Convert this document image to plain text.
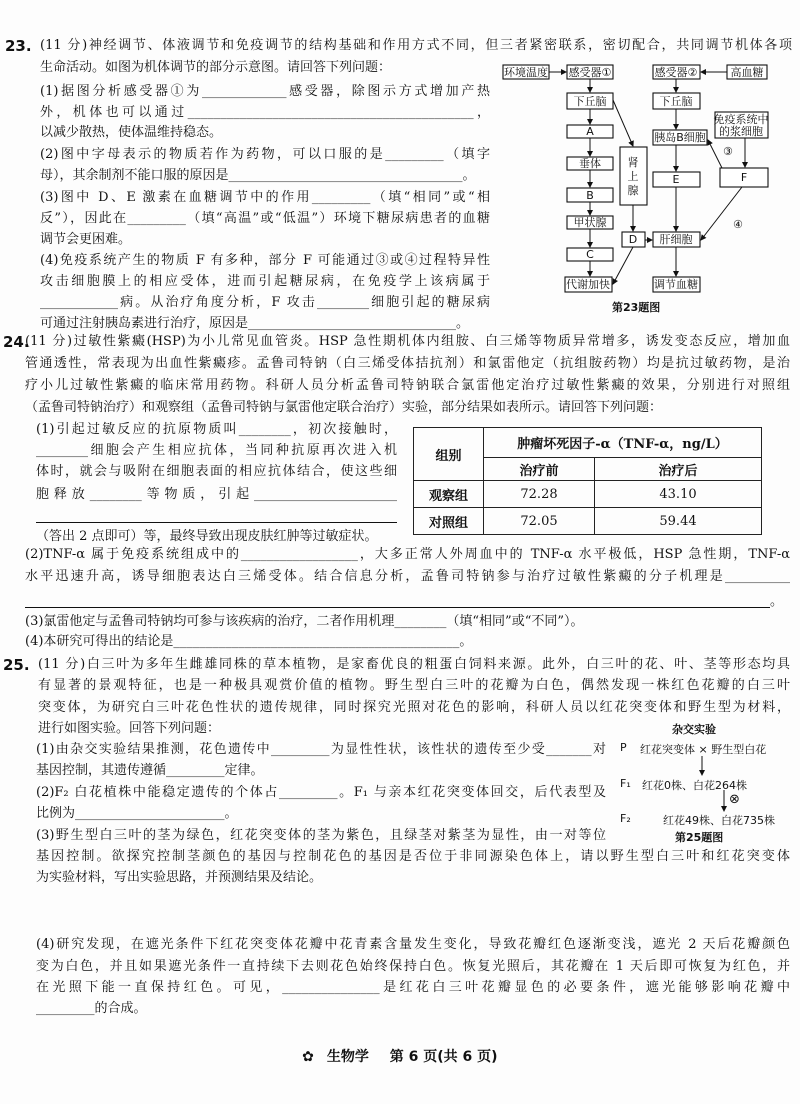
23. (11 分)神经调节、体液调节和免疫调节的结构基础和作用方式不同，但三者紧密联系，密切配合，共同调节机体各项
生命活动。如图为机体调节的部分示意图。请回答下列问题：
(1)据图分析感受器①为_____________感受器，除图示方式增加产热
外，机体也可以通过____________________________________________，
以减少散热，使体温维持稳态。
(2)图中字母表示的物质若作为药物，可以口服的是_________（填字
母），其余制剂不能口服的原因是____________________________________。
(3)图中 D、E 激素在血糖调节中的作用_________（填“相同”或“相
反”），因此在_________（填“高温”或“低温”）环境下糖尿病患者的血糖
调节会更困难。
(4)免疫系统产生的物质 F 有多种，部分 F 可能通过③或④过程特异性
攻击细胞膜上的相应受体，进而引起糖尿病，在免疫学上该病属于
____________病。从治疗角度分析，F 攻击________细胞引起的糖尿病
可通过注射胰岛素进行治疗，原因是________________________________。
环境温度 感受器①
下丘脑
A
垂体
B
甲状腺
C
代谢加快
肾
上
腺
D
感受器②	高血糖
下丘脑
胰岛B细胞
E
肝细胞
调节血糖
免疫系统中
的浆细胞
F
③
④
第23题图
24.
(11 分)过敏性紫癜(HSP)为小儿常见血管炎。HSP 急性期机体内组胺、白三烯等物质异常增多，诱发变态反应，增加血
管通透性，常表现为出血性紫癜疹。孟鲁司特钠（白三烯受体拮抗剂）和氯雷他定（抗组胺药物）均是抗过敏药物，是治
疗小儿过敏性紫癜的临床常用药物。科研人员分析孟鲁司特钠联合氯雷他定治疗过敏性紫癜的效果，分别进行对照组
（孟鲁司特钠治疗）和观察组（孟鲁司特钠与氯雷他定联合治疗）实验，部分结果如表所示。请回答下列问题：
(1)引起过敏反应的抗原物质叫________，初次接触时，
________细胞会产生相应抗体，当同种抗原再次进入机
体时，就会与吸附在细胞表面的相应抗体结合，使这些细
胞释放________等物质，引起______________________
（答出 2 点即可）等，最终导致出现皮肤红肿等过敏症状。
组别	肿瘤坏死因子-α（TNF-α，ng/L）	
	治疗前	治疗后
观察组	72.28	43.10
对照组	72.05	59.44
(2)TNF-α 属于免疫系统组成中的__________________，大多正常人外周血中的 TNF-α 水平极低，HSP 急性期，TNF-α
水平迅速升高，诱导细胞表达白三烯受体。结合信息分析，孟鲁司特钠参与治疗过敏性紫癜的分子机理是__________
。
(3)氯雷他定与孟鲁司特钠均可参与该疾病的治疗，二者作用机理________（填“相同”或“不同”）。
(4)本研究可得出的结论是____________________________________________。
25. (11 分)白三叶为多年生雌雄同株的草本植物，是家畜优良的粗蛋白饲料来源。此外，白三叶的花、叶、茎等形态均具
有显著的景观特征，也是一种极具观赏价值的植物。野生型白三叶的花瓣为白色，偶然发现一株红色花瓣的白三叶
突变体，为研究白三叶花色性状的遗传规律，同时探究光照对花色的影响，科研人员以红花突变体和野生型为材料，
进行如图实验。回答下列问题：
(1)由杂交实验结果推测，花色遗传中_________为显性性状，该性状的遗传至少受_______对
基因控制，其遗传遵循_________定律。
(2)F₂ 白花植株中能稳定遗传的个体占_________。F₁ 与亲本红花突变体回交，后代表型及
比例为_______________________。
(3)野生型白三叶的茎为绿色，红花突变体的茎为紫色，且绿茎对紫茎为显性，由一对等位
基因控制。欲探究控制茎颜色的基因与控制花色的基因是否位于非同源染色体上，请以野生型白三叶和红花突变体
为实验材料，写出实验思路，并预测结果及结论。
(4)研究发现，在遮光条件下红花突变体花瓣中花青素含量发生变化，导致花瓣红色逐渐变浅，遮光 2 天后花瓣颜色
变为白色，并且如果遮光条件一直持续下去则花色始终保持白色。恢复光照后，其花瓣在 1 天后即可恢复为红色，并
在光照下能一直保持红色。可见，_______________是红花白三叶花瓣显色的必要条件，遮光能够影响花瓣中
_________的合成。
杂交实验
P 红花突变体 × 野生型白花
F₁ 红花0株、白花264株
⊗
F₂	红花49株、白花735株
第25题图
✿ 生物学 第 6 页(共 6 页)
